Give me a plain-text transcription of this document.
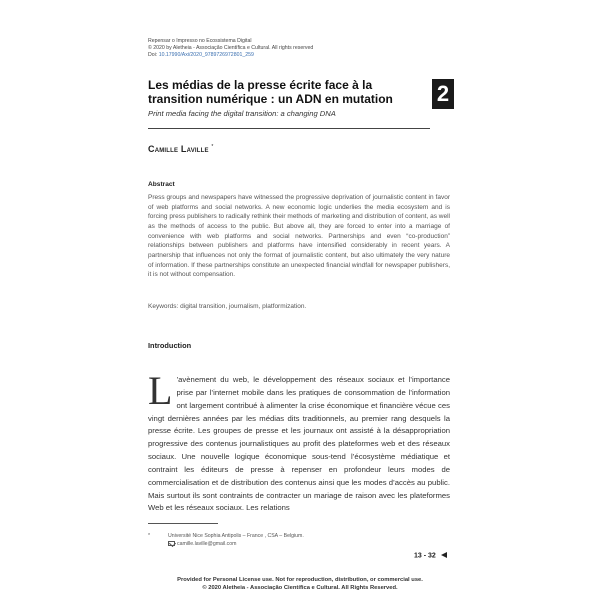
Repensar o Impresso no Ecossistema Digital
© 2020 by Aletheia - Associação Científica e Cultural. All rights reserved
Doi: 10.17990/Axi/2020_9789726972801_259
Les médias de la presse écrite face à la transition numérique : un ADN en mutation	2
Print media facing the digital transition: a changing DNA
Camille Laville *
Abstract

Press groups and newspapers have witnessed the progressive deprivation of journalistic content in favor of web platforms and social networks. A new economic logic underlies the media ecosystem and is forcing press publishers to radically rethink their methods of marketing and distribution of content, as well as the methods of access to the public. But above all, they are forced to enter into a marriage of convenience with web platforms and social networks. Partnerships and even “co-production” relationships between publishers and platforms have intensified considerably in recent years. A partnership that influences not only the format of journalistic content, but also ultimately the very nature of information. If these partnerships constitute an unexpected financial windfall for newspaper publishers, it is not without compensation.

Keywords: digital transition, journalism, platformization.
Introduction

L ’avènement du web, le développement des réseaux sociaux et l’importance prise par l’internet mobile dans les pratiques de consommation de l’information ont largement contribué à alimenter la crise économique et financière vécue ces vingt dernières années par les médias dits traditionnels, au premier rang desquels la presse écrite. Les groupes de presse et les journaux ont assisté à la désappropriation progressive des contenus journalistiques au profit des plateformes web et des réseaux sociaux. Une nouvelle logique économique sous-tend l’écosystème médiatique et contraint les éditeurs de presse à repenser en profondeur leurs modes de commercialisation et de distribution des contenus ainsi que les modes d’accès au public. Mais surtout ils sont contraints de contracter un mariage de raison avec les plateformes Web et les réseaux sociaux. Les relations

*	Université Nice Sophia Antipolis – France , CSA – Belgium.
camille.laville@gmail.com
13 - 32
Provided for Personal License use. Not for reproduction, distribution, or commercial use.
© 2020 Aletheia - Associação Científica e Cultural. All Rights Reserved.
